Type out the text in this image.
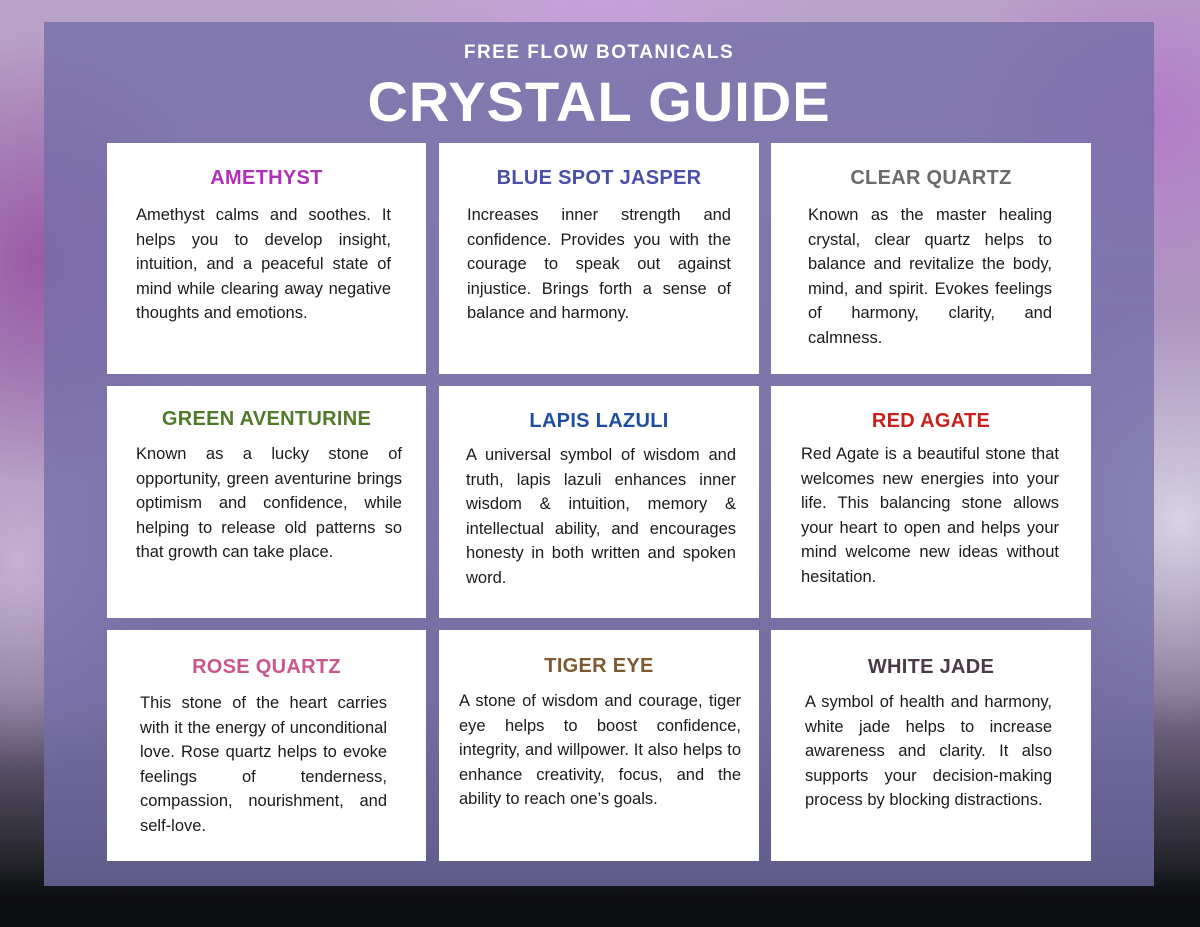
FREE FLOW BOTANICALS
CRYSTAL GUIDE
AMETHYST
Amethyst calms and soothes. It helps you to develop insight, intuition, and a peaceful state of mind while clearing away negative thoughts and emotions.
BLUE SPOT JASPER
Increases inner strength and confidence. Provides you with the courage to speak out against injustice. Brings forth a sense of balance and harmony.
CLEAR QUARTZ
Known as the master healing crystal, clear quartz helps to balance and revitalize the body, mind, and spirit. Evokes feelings of harmony, clarity, and calmness.
GREEN AVENTURINE
Known as a lucky stone of opportunity, green aventurine brings optimism and confidence, while helping to release old patterns so that growth can take place.
LAPIS LAZULI
A universal symbol of wisdom and truth, lapis lazuli enhances inner wisdom & intuition, memory & intellectual ability, and encourages honesty in both written and spoken word.
RED AGATE
Red Agate is a beautiful stone that welcomes new energies into your life. This balancing stone allows your heart to open and helps your mind welcome new ideas without hesitation.
ROSE QUARTZ
This stone of the heart carries with it the energy of unconditional love. Rose quartz helps to evoke feelings of tenderness, compassion, nourishment, and self-love.
TIGER EYE
A stone of wisdom and courage, tiger eye helps to boost confidence, integrity, and willpower. It also helps to enhance creativity, focus, and the ability to reach one’s goals.
WHITE JADE
A symbol of health and harmony, white jade helps to increase awareness and clarity. It also supports your decision-making process by blocking distractions.
